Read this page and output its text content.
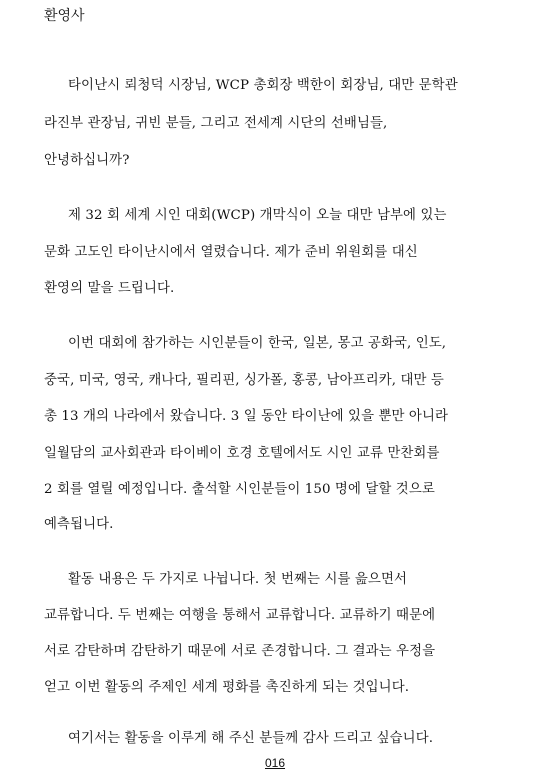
환영사
타이난시 뢰청덕 시장님, WCP 총회장 백한이 회장님, 대만 문학관
라진부 관장님, 귀빈 분들, 그리고 전세계 시단의 선배님들,
안녕하십니까?
제 32 회 세계 시인 대회(WCP) 개막식이 오늘 대만 남부에 있는
문화 고도인 타이난시에서 열렸습니다. 제가 준비 위원회를 대신
환영의 말을 드립니다.
이번 대회에 참가하는 시인분들이 한국, 일본, 몽고 공화국, 인도,
중국, 미국, 영국, 캐나다, 필리핀, 싱가폴, 홍콩, 남아프리카, 대만 등
총 13 개의 나라에서 왔습니다. 3 일 동안 타이난에 있을 뿐만 아니라
일월담의 교사회관과 타이베이 호경 호텔에서도 시인 교류 만찬회를
2 회를 열릴 예정입니다. 출석할 시인분들이 150 명에 달할 것으로
예측됩니다.
활동 내용은 두 가지로 나뉩니다. 첫 번째는 시를 읊으면서
교류합니다. 두 번째는 여행을 통해서 교류합니다. 교류하기 때문에
서로 감탄하며 감탄하기 때문에 서로 존경합니다. 그 결과는 우정을
얻고 이번 활동의 주제인 세계 평화를 촉진하게 되는 것입니다.
여기서는 활동을 이루게 해 주신 분들께 감사 드리고 싶습니다.
016
